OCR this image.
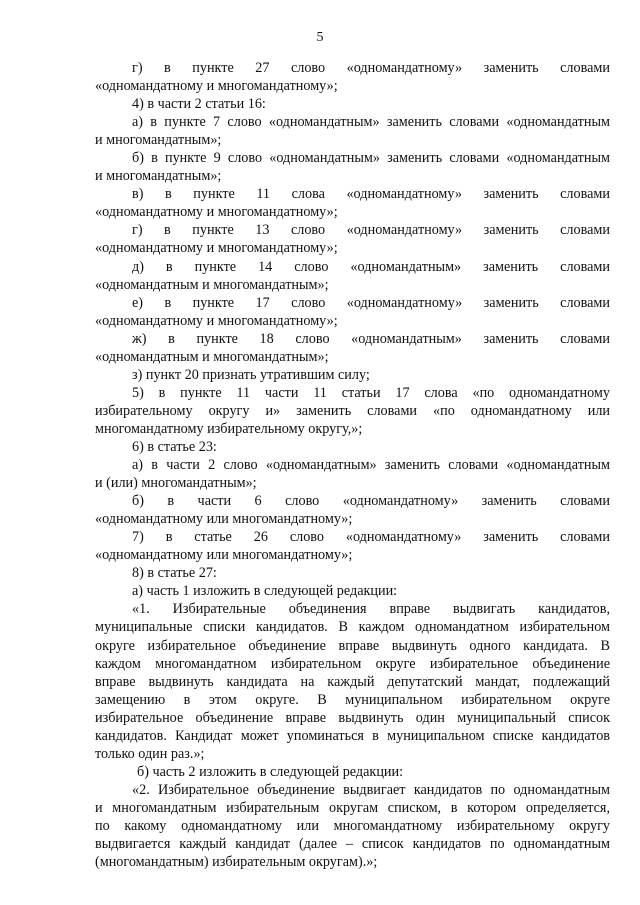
5
г) в пункте 27 слово «одномандатному» заменить словами
«одномандатному и многомандатному»;
4) в части 2 статьи 16:
а) в пункте 7 слово «одномандатным» заменить словами «одномандатным
и многомандатным»;
б) в пункте 9 слово «одномандатным» заменить словами «одномандатным
и многомандатным»;
в) в пункте 11 слова «одномандатному» заменить словами
«одномандатному и многомандатному»;
г) в пункте 13 слово «одномандатному» заменить словами
«одномандатному и многомандатному»;
д) в пункте 14 слово «одномандатным» заменить словами
«одномандатным и многомандатным»;
е) в пункте 17 слово «одномандатному» заменить словами
«одномандатному и многомандатному»;
ж) в пункте 18 слово «одномандатным» заменить словами
«одномандатным и многомандатным»;
з) пункт 20 признать утратившим силу;
5) в пункте 11 части 11 статьи 17 слова «по одномандатному
избирательному округу и» заменить словами «по одномандатному или
многомандатному избирательному округу,»;
6) в статье 23:
а) в части 2 слово «одномандатным» заменить словами «одномандатным
и (или) многомандатным»;
б) в части 6 слово «одномандатному» заменить словами
«одномандатному или многомандатному»;
7) в статье 26 слово «одномандатному» заменить словами
«одномандатному или многомандатному»;
8) в статье 27:
а) часть 1 изложить в следующей редакции:
«1. Избирательные объединения вправе выдвигать кандидатов,
муниципальные списки кандидатов. В каждом одномандатном избирательном
округе избирательное объединение вправе выдвинуть одного кандидата. В
каждом многомандатном избирательном округе избирательное объединение
вправе выдвинуть кандидата на каждый депутатский мандат, подлежащий
замещению в этом округе. В муниципальном избирательном округе
избирательное объединение вправе выдвинуть один муниципальный список
кандидатов. Кандидат может упоминаться в муниципальном списке кандидатов
только один раз.»;
б) часть 2 изложить в следующей редакции:
«2. Избирательное объединение выдвигает кандидатов по одномандатным
и многомандатным избирательным округам списком, в котором определяется,
по какому одномандатному или многомандатному избирательному округу
выдвигается каждый кандидат (далее – список кандидатов по одномандатным
(многомандатным) избирательным округам).»;
